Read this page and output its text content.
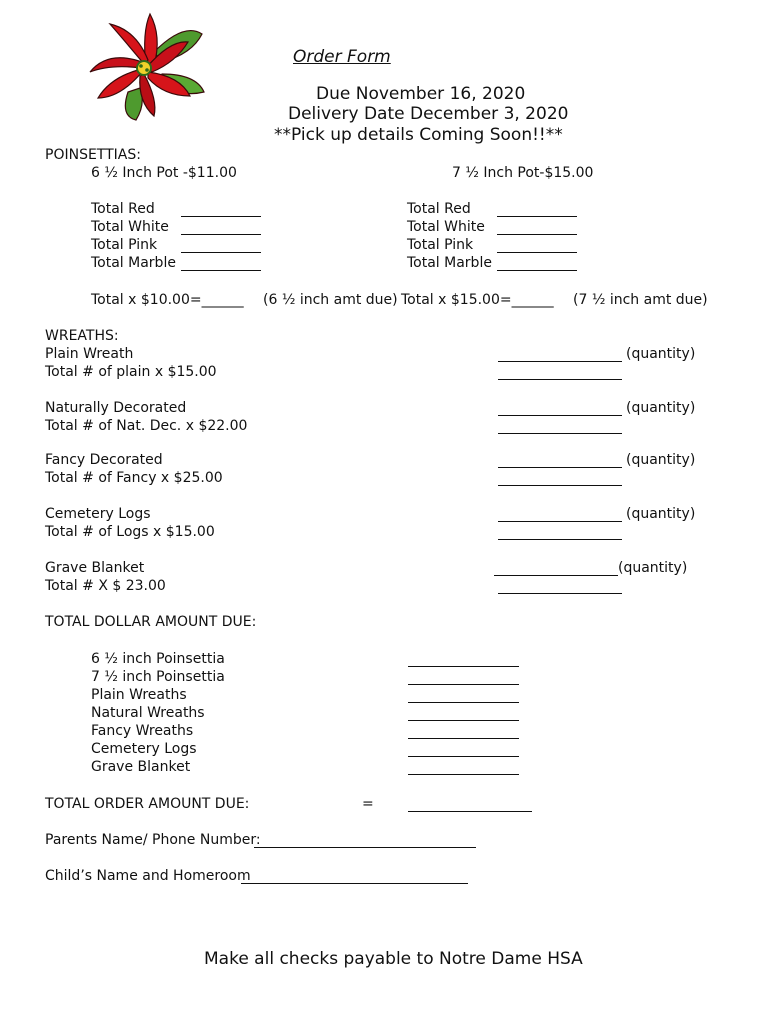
Order Form
Due November 16, 2020
Delivery Date December 3, 2020
**Pick up details Coming Soon!!**
POINSETTIAS:
6 ½ Inch Pot -$11.00	7 ½ Inch Pot-$15.00
Total Red
Total White
Total Pink
Total Marble
Total Red
Total White
Total Pink
Total Marble
Total x $10.00=______ (6 ½ inch amt due) Total x $15.00=______ (7 ½ inch amt due)
WREATHS:
Plain Wreath
Total # of plain x $15.00
(quantity)
Naturally Decorated
Total # of Nat. Dec. x $22.00
(quantity)
Fancy Decorated
Total # of Fancy x $25.00
(quantity)
Cemetery Logs
Total # of Logs x $15.00
(quantity)
Grave Blanket
Total # X $ 23.00
(quantity)
TOTAL DOLLAR AMOUNT DUE:
6 ½ inch Poinsettia
7 ½ inch Poinsettia
Plain Wreaths
Natural Wreaths
Fancy Wreaths
Cemetery Logs
Grave Blanket
TOTAL ORDER AMOUNT DUE:	=
Parents Name/ Phone Number:
Child’s Name and Homeroom
Make all checks payable to Notre Dame HSA
